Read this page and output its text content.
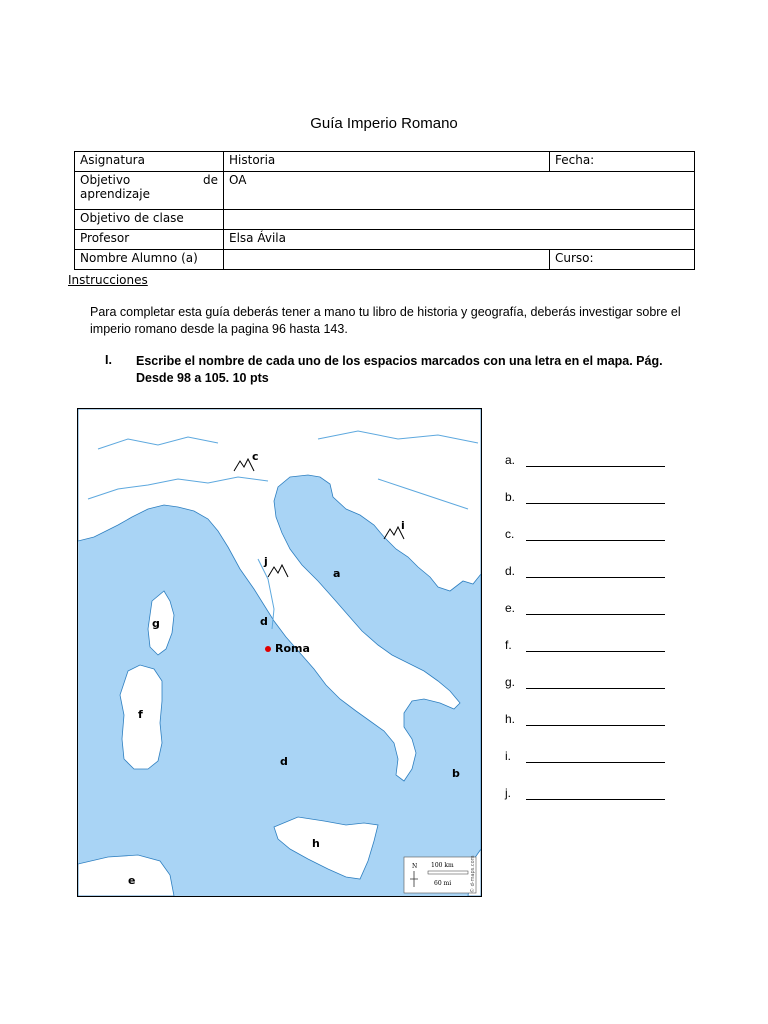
Guía Imperio Romano
Asignatura	Historia	Fecha:

Objetivo de
aprendizaje	OA	
Objetivo de clase		
Profesor	Elsa Ávila	
Nombre Alumno (a)		Curso:
Instrucciones
Para completar esta guía deberás tener a mano tu libro de historia y geografía, deberás investigar sobre el imperio romano desde la pagina 96 hasta 143.
I. Escribe el nombre de cada uno de los espacios marcados con una letra en el mapa. Pág. Desde 98 a 105. 10 pts
c
i
j
a
g	d
f
d
b
h
e
Roma
N 100 km
60 mi	© d-maps.com
a.
b.
c.
d.
e.
f.
g.
h.
i.
j.
